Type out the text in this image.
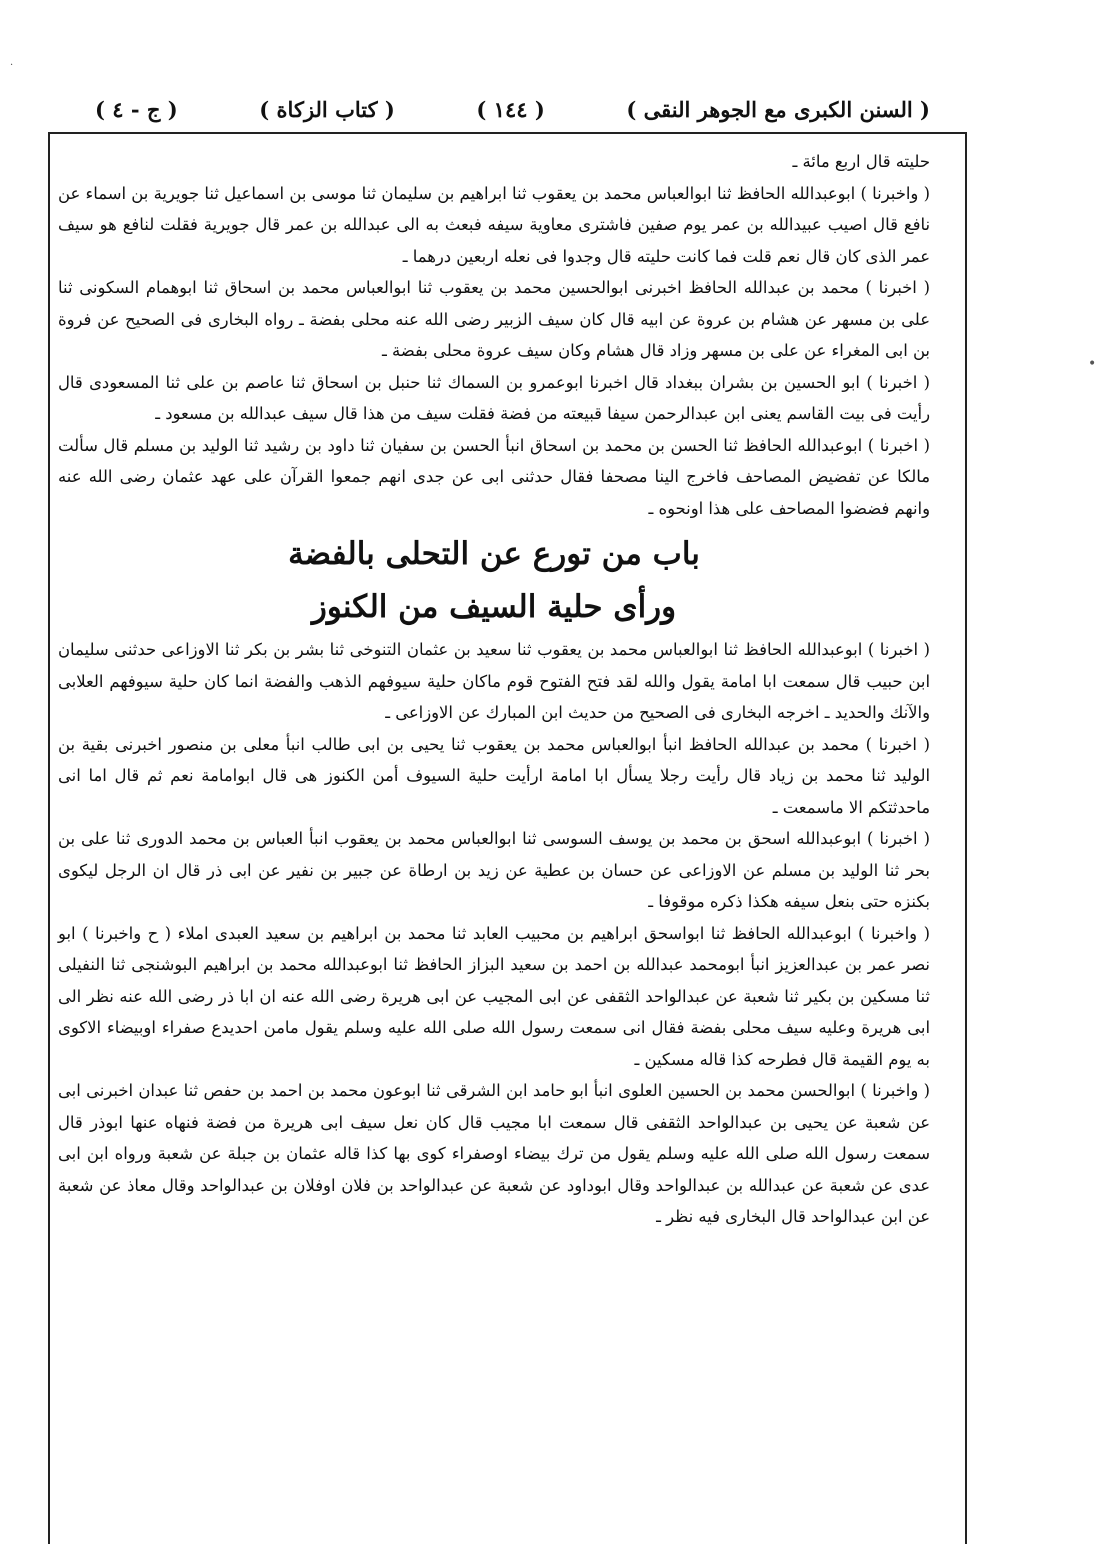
( السنن الكبرى مع الجوهر النقى )
( ١٤٤ )
( كتاب الزكاة )
( ج - ٤ )
·
•

حليته قال اربع مائة ـ

( واخبرنا ) ابوعبدالله الحافظ ثنا ابوالعباس محمد بن يعقوب ثنا ابراهيم بن سليمان ثنا موسى بن اسماعيل ثنا جويرية بن اسماء عن نافع قال اصيب عبيدالله بن عمر يوم صفين فاشترى معاوية سيفه فبعث به الى عبدالله بن عمر قال جويرية فقلت لنافع هو سيف عمر الذى كان قال نعم قلت فما كانت حليته قال وجدوا فى نعله اربعين درهما ـ

( اخبرنا ) محمد بن عبدالله الحافظ اخبرنى ابوالحسين محمد بن يعقوب ثنا ابوالعباس محمد بن اسحاق ثنا ابوهمام السكونى ثنا على بن مسهر عن هشام بن عروة عن ابيه قال كان سيف الزبير رضى الله عنه محلى بفضة ـ رواه البخارى فى الصحيح عن فروة بن ابى المغراء عن على بن مسهر وزاد قال هشام وكان سيف عروة محلى بفضة ـ

( اخبرنا ) ابو الحسين بن بشران ببغداد قال اخبرنا ابوعمرو بن السماك ثنا حنبل بن اسحاق ثنا عاصم بن على ثنا المسعودى قال رأيت فى بيت القاسم يعنى ابن عبدالرحمن سيفا قبيعته من فضة فقلت سيف من هذا قال سيف عبدالله بن مسعود ـ

( اخبرنا ) ابوعبدالله الحافظ ثنا الحسن بن محمد بن اسحاق انبأ الحسن بن سفيان ثنا داود بن رشيد ثنا الوليد بن مسلم قال سألت مالكا عن تفضيض المصاحف فاخرج الينا مصحفا فقال حدثنى ابى عن جدى انهم جمعوا القرآن على عهد عثمان رضى الله عنه وانهم فضضوا المصاحف على هذا اونحوه ـ

باب من تورع عن التحلى بالفضة
ورأى حلية السيف من الكنوز

( اخبرنا ) ابوعبدالله الحافظ ثنا ابوالعباس محمد بن يعقوب ثنا سعيد بن عثمان التنوخى ثنا بشر بن بكر ثنا الاوزاعى حدثنى سليمان ابن حبيب قال سمعت ابا امامة يقول والله لقد فتح الفتوح قوم ماكان حلية سيوفهم الذهب والفضة انما كان حلية سيوفهم العلابى والآنك والحديد ـ اخرجه البخارى فى الصحيح من حديث ابن المبارك عن الاوزاعى ـ

( اخبرنا ) محمد بن عبدالله الحافظ انبأ ابوالعباس محمد بن يعقوب ثنا يحيى بن ابى طالب انبأ معلى بن منصور اخبرنى بقية بن الوليد ثنا محمد بن زياد قال رأيت رجلا يسأل ابا امامة ارأيت حلية السيوف أمن الكنوز هى قال ابوامامة نعم ثم قال اما انى ماحدثتكم الا ماسمعت ـ

( اخبرنا ) ابوعبدالله اسحق بن محمد بن يوسف السوسى ثنا ابوالعباس محمد بن يعقوب انبأ العباس بن محمد الدورى ثنا على بن بحر ثنا الوليد بن مسلم عن الاوزاعى عن حسان بن عطية عن زيد بن ارطاة عن جبير بن نفير عن ابى ذر قال ان الرجل ليكوى بكنزه حتى بنعل سيفه هكذا ذكره موقوفا ـ

( واخبرنا ) ابوعبدالله الحافظ ثنا ابواسحق ابراهيم بن محبيب العابد ثنا محمد بن ابراهيم بن سعيد العبدى املاء ( ح واخبرنا ) ابو نصر عمر بن عبدالعزيز انبأ ابومحمد عبدالله بن احمد بن سعيد البزاز الحافظ ثنا ابوعبدالله محمد بن ابراهيم البوشنجى ثنا النفيلى ثنا مسكين بن بكير ثنا شعبة عن عبدالواحد الثقفى عن ابى المجيب عن ابى هريرة رضى الله عنه ان ابا ذر رضى الله عنه نظر الى ابى هريرة وعليه سيف محلى بفضة فقال انى سمعت رسول الله صلى الله عليه وسلم يقول مامن احديدع صفراء اوبيضاء الاكوى به يوم القيمة قال فطرحه كذا قاله مسكين ـ

( واخبرنا ) ابوالحسن محمد بن الحسين العلوى انبأ ابو حامد ابن الشرقى ثنا ابوعون محمد بن احمد بن حفص ثنا عبدان اخبرنى ابى عن شعبة عن يحيى بن عبدالواحد الثقفى قال سمعت ابا مجيب قال كان نعل سيف ابى هريرة من فضة فنهاه عنها ابوذر قال سمعت رسول الله صلى الله عليه وسلم يقول من ترك بيضاء اوصفراء كوى بها كذا قاله عثمان بن جبلة عن شعبة ورواه ابن ابى عدى عن شعبة عن عبدالله بن عبدالواحد وقال ابوداود عن شعبة عن عبدالواحد بن فلان اوفلان بن عبدالواحد وقال معاذ عن شعبة عن ابن عبدالواحد قال البخارى فيه نظر ـ
